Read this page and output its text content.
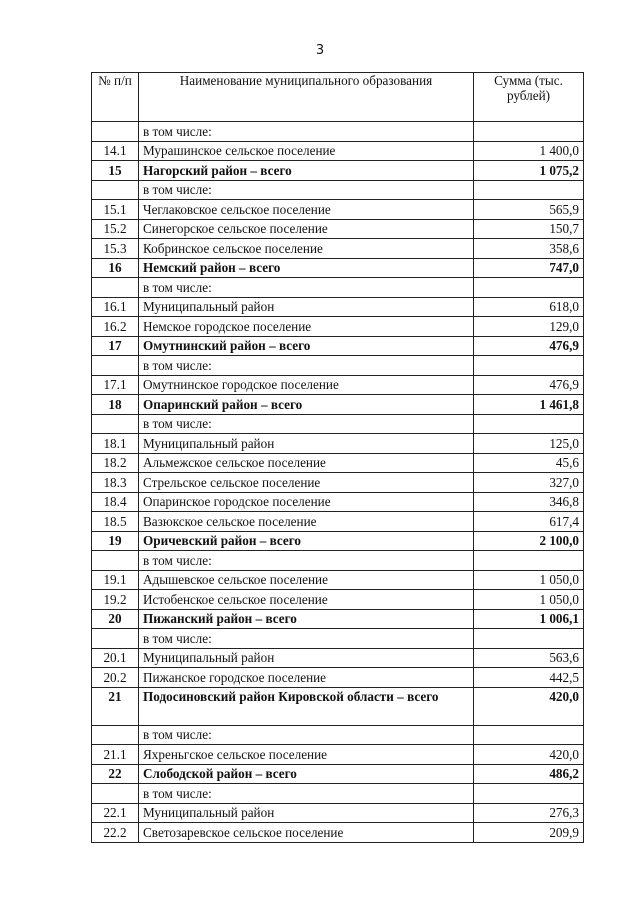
3
№ п/п	Наименование муниципального образования	Сумма (тыс. рублей)
	в том числе:	
14.1	Мурашинское сельское поселение	1 400,0
15	Нагорский район – всего	1 075,2
	в том числе:	
15.1	Чеглаковское сельское поселение	565,9
15.2	Синегорское сельское поселение	150,7
15.3	Кобринское сельское поселение	358,6
16	Немский район – всего	747,0
	в том числе:	
16.1	Муниципальный район	618,0
16.2	Немское городское поселение	129,0
17	Омутнинский район – всего	476,9
	в том числе:	
17.1	Омутнинское городское поселение	476,9
18	Опаринский район – всего	1 461,8
	в том числе:	
18.1	Муниципальный район	125,0
18.2	Альмежское сельское поселение	45,6
18.3	Стрельское сельское поселение	327,0
18.4	Опаринское городское поселение	346,8
18.5	Вазюкское сельское поселение	617,4
19	Оричевский район – всего	2 100,0
	в том числе:	
19.1	Адышевское сельское поселение	1 050,0
19.2	Истобенское сельское поселение	1 050,0
20	Пижанский район – всего	1 006,1
	в том числе:	
20.1	Муниципальный район	563,6
20.2	Пижанское городское поселение	442,5
21	Подосиновский район Кировской области – всего	420,0
	в том числе:	
21.1	Яхреньгское сельское поселение	420,0
22	Слободской район – всего	486,2
	в том числе:	
22.1	Муниципальный район	276,3
22.2	Светозаревское сельское поселение	209,9
